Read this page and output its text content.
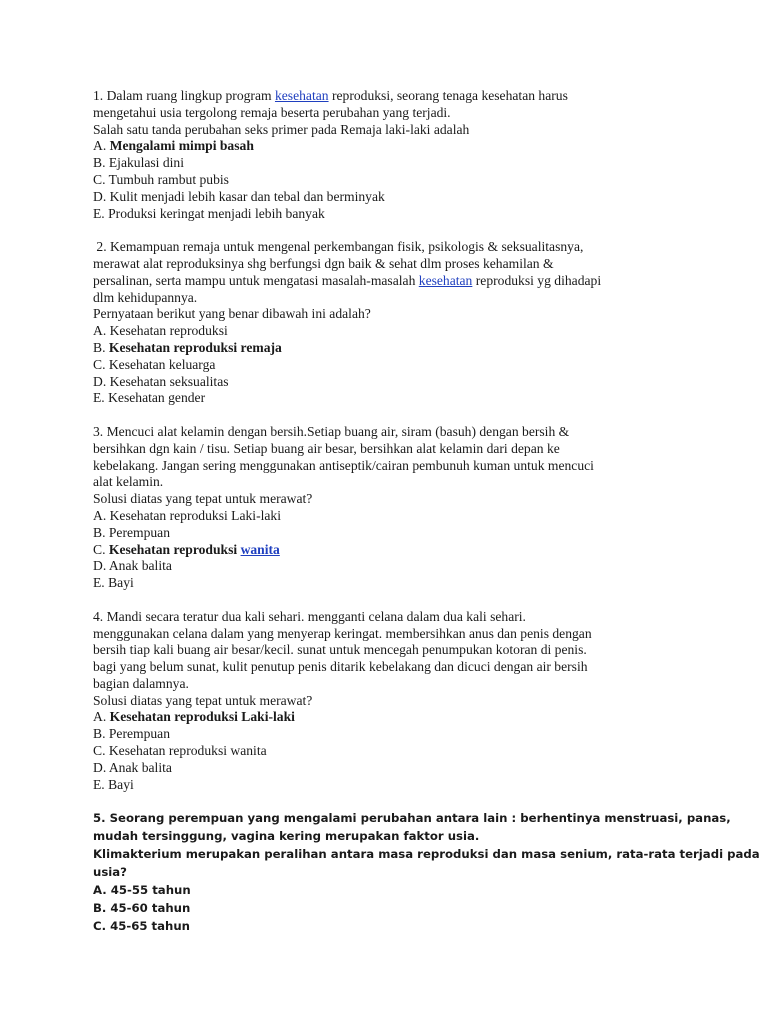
1. Dalam ruang lingkup program kesehatan reproduksi, seorang tenaga kesehatan harus
mengetahui usia tergolong remaja beserta perubahan yang terjadi.
Salah satu tanda perubahan seks primer pada Remaja laki-laki adalah
A. Mengalami mimpi basah
B. Ejakulasi dini
C. Tumbuh rambut pubis
D. Kulit menjadi lebih kasar dan tebal dan berminyak
E. Produksi keringat menjadi lebih banyak
2. Kemampuan remaja untuk mengenal perkembangan fisik, psikologis & seksualitasnya,
merawat alat reproduksinya shg berfungsi dgn baik & sehat dlm proses kehamilan &
persalinan, serta mampu untuk mengatasi masalah-masalah kesehatan reproduksi yg dihadapi
dlm kehidupannya.
Pernyataan berikut yang benar dibawah ini adalah?
A. Kesehatan reproduksi
B. Kesehatan reproduksi remaja
C. Kesehatan keluarga
D. Kesehatan seksualitas
E. Kesehatan gender
3. Mencuci alat kelamin dengan bersih.Setiap buang air, siram (basuh) dengan bersih &
bersihkan dgn kain / tisu. Setiap buang air besar, bersihkan alat kelamin dari depan ke
kebelakang. Jangan sering menggunakan antiseptik/cairan pembunuh kuman untuk mencuci
alat kelamin.
Solusi diatas yang tepat untuk merawat?
A. Kesehatan reproduksi Laki-laki
B. Perempuan
C. Kesehatan reproduksi wanita
D. Anak balita
E. Bayi
4. Mandi secara teratur dua kali sehari. mengganti celana dalam dua kali sehari.
menggunakan celana dalam yang menyerap keringat. membersihkan anus dan penis dengan
bersih tiap kali buang air besar/kecil. sunat untuk mencegah penumpukan kotoran di penis.
bagi yang belum sunat, kulit penutup penis ditarik kebelakang dan dicuci dengan air bersih
bagian dalamnya.
Solusi diatas yang tepat untuk merawat?
A. Kesehatan reproduksi Laki-laki
B. Perempuan
C. Kesehatan reproduksi wanita
D. Anak balita
E. Bayi
5. Seorang perempuan yang mengalami perubahan antara lain : berhentinya menstruasi, panas,
mudah tersinggung, vagina kering merupakan faktor usia.
Klimakterium merupakan peralihan antara masa reproduksi dan masa senium, rata-rata terjadi pada
usia?
A. 45-55 tahun
B. 45-60 tahun
C. 45-65 tahun
